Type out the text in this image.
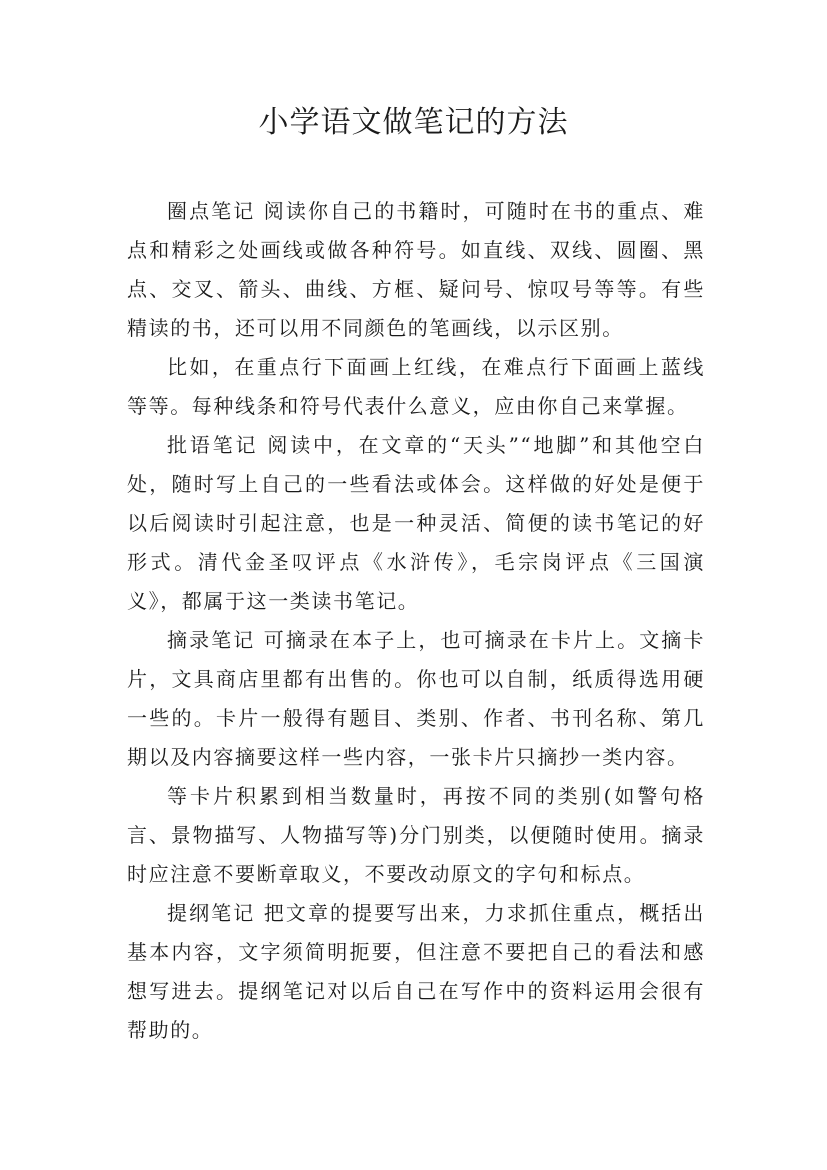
小学语文做笔记的方法

圈点笔记 阅读你自己的书籍时，可随时在书的重点、难点和精彩之处画线或做各种符号。如直线、双线、圆圈、黑点、交叉、箭头、曲线、方框、疑问号、惊叹号等等。有些精读的书，还可以用不同颜色的笔画线，以示区别。

比如，在重点行下面画上红线，在难点行下面画上蓝线等等。每种线条和符号代表什么意义，应由你自己来掌握。

批语笔记 阅读中，在文章的“天头”“地脚”和其他空白处，随时写上自己的一些看法或体会。这样做的好处是便于以后阅读时引起注意，也是一种灵活、简便的读书笔记的好形式。清代金圣叹评点《水浒传》，毛宗岗评点《三国演义》，都属于这一类读书笔记。

摘录笔记 可摘录在本子上，也可摘录在卡片上。文摘卡片，文具商店里都有出售的。你也可以自制，纸质得选用硬一些的。卡片一般得有题目、类别、作者、书刊名称、第几期以及内容摘要这样一些内容，一张卡片只摘抄一类内容。

等卡片积累到相当数量时，再按不同的类别(如警句格言、景物描写、人物描写等)分门别类，以便随时使用。摘录时应注意不要断章取义，不要改动原文的字句和标点。

提纲笔记 把文章的提要写出来，力求抓住重点，概括出基本内容，文字须简明扼要，但注意不要把自己的看法和感想写进去。提纲笔记对以后自己在写作中的资料运用会很有帮助的。
